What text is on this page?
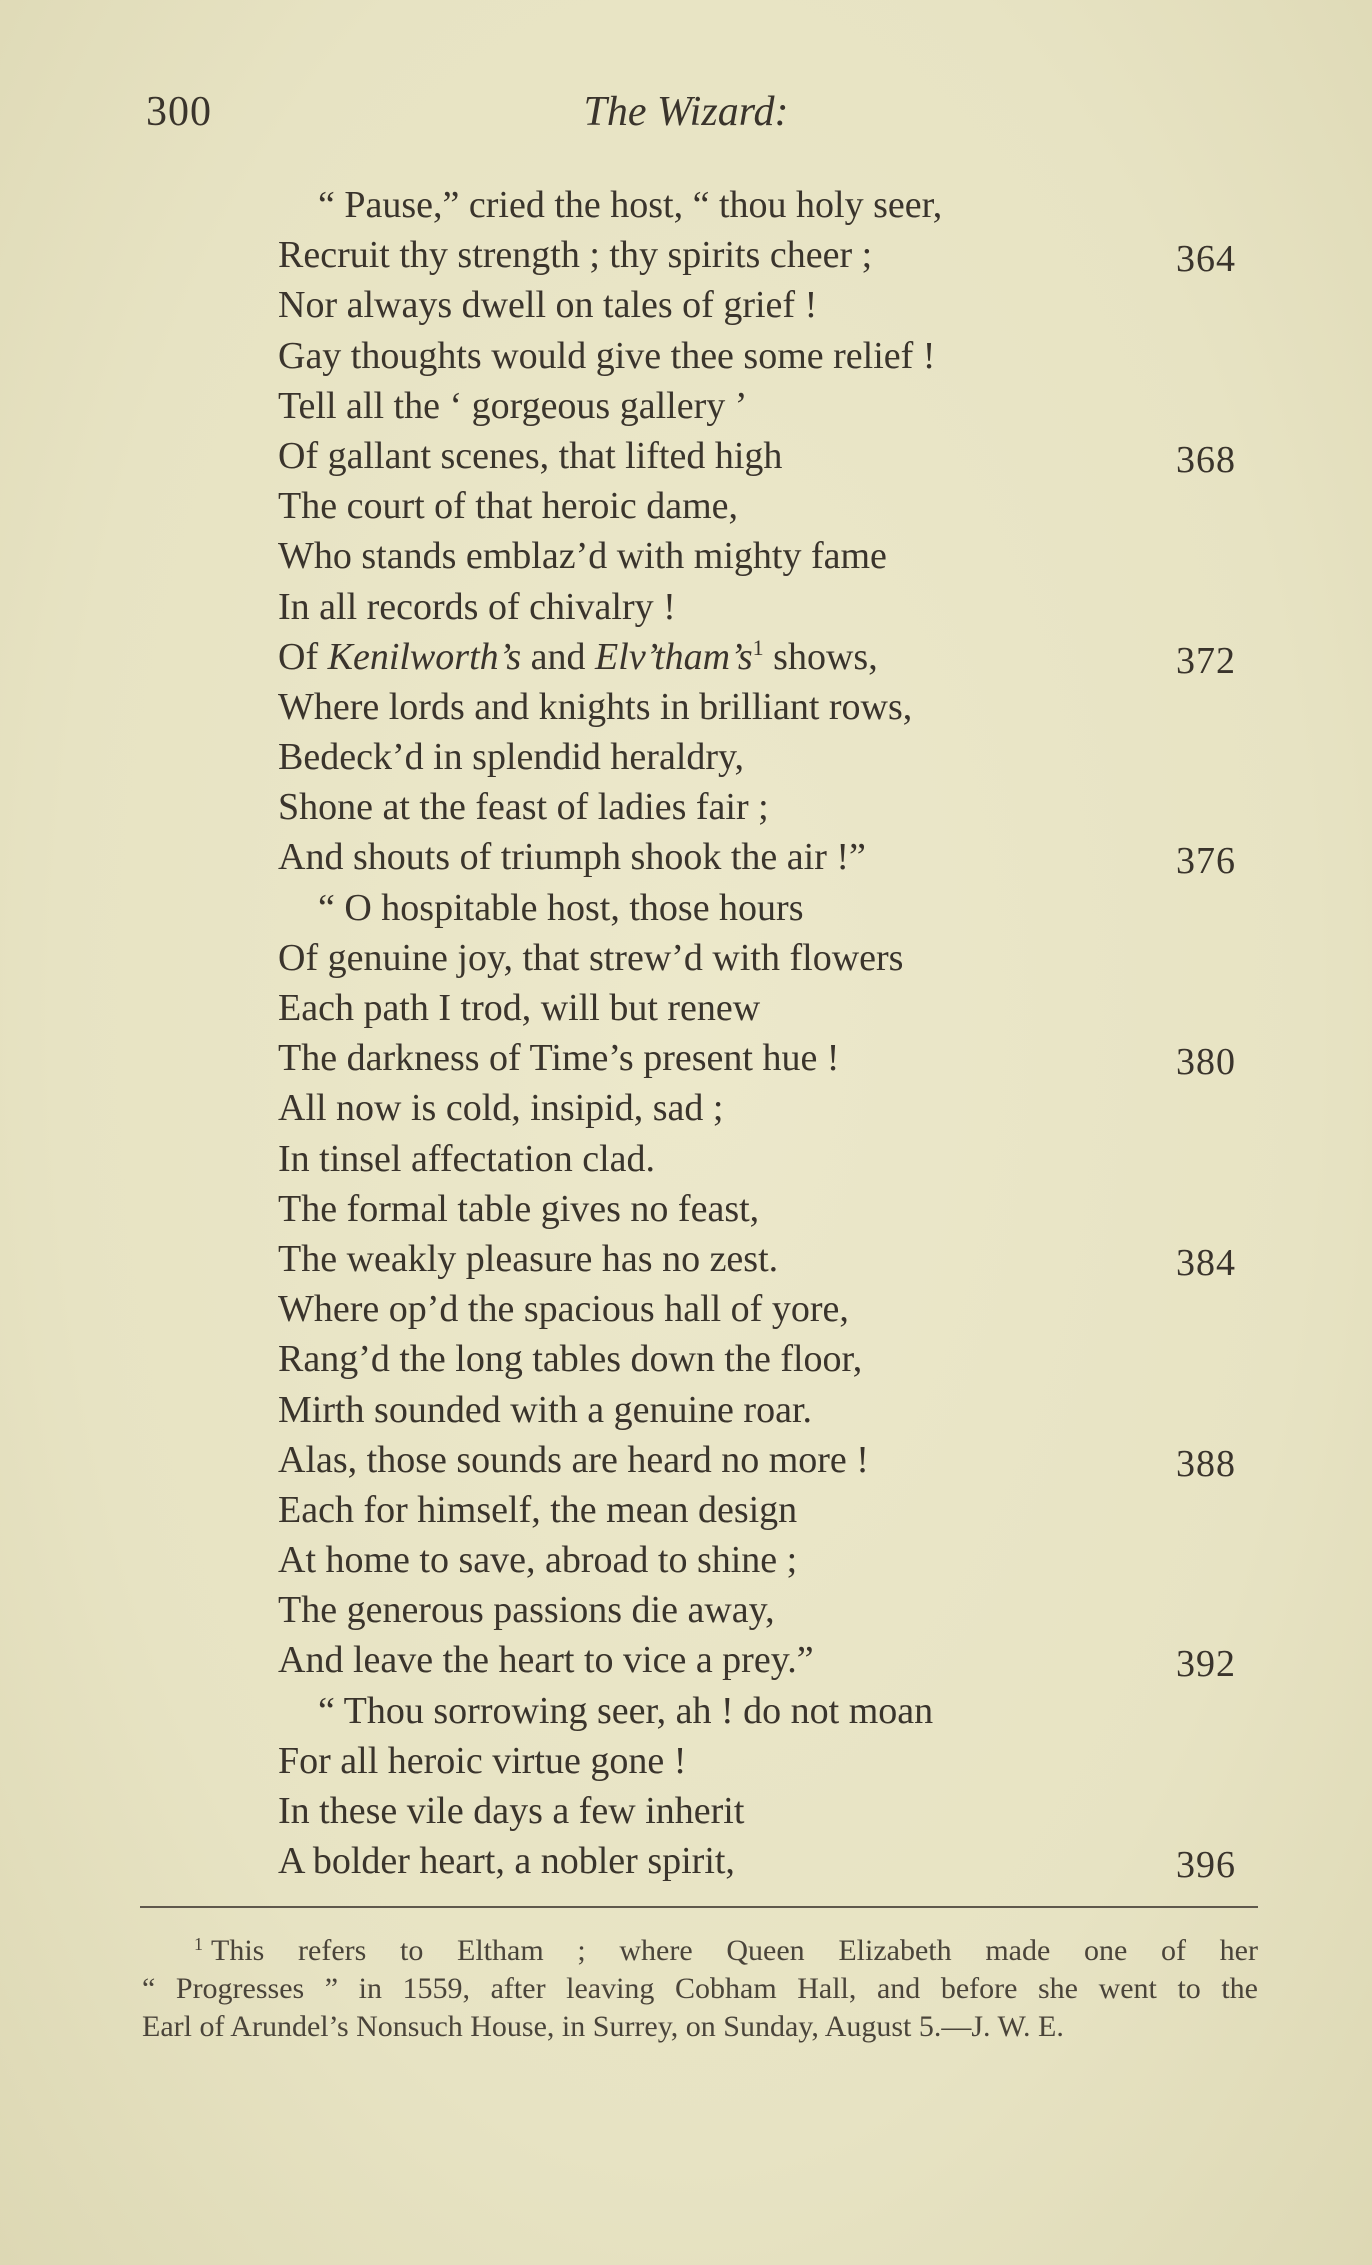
300	The Wizard:
“ Pause,” cried the host, “ thou holy seer,
Recruit thy strength ; thy spirits cheer ;	364
Nor always dwell on tales of grief !
Gay thoughts would give thee some relief !
Tell all the ‘ gorgeous gallery ’
Of gallant scenes, that lifted high	368
The court of that heroic dame,
Who stands emblaz’d with mighty fame
In all records of chivalry !
Of Kenilworth’s and $Elv’tham’s^1$ shows,	372
Where lords and knights in brilliant rows,
Bedeck’d in splendid heraldry,
Shone at the feast of ladies fair ;
And shouts of triumph shook the air !”	376
“ O hospitable host, those hours
Of genuine joy, that strew’d with flowers
Each path I trod, will but renew
The darkness of Time’s present hue !	380
All now is cold, insipid, sad ;
In tinsel affectation clad.
The formal table gives no feast,
The weakly pleasure has no zest.	384
Where op’d the spacious hall of yore,
Rang’d the long tables down the floor,
Mirth sounded with a genuine roar.
Alas, those sounds are heard no more !	388
Each for himself, the mean design
At home to save, abroad to shine ;
The generous passions die away,
And leave the heart to vice a prey.”	392
“ Thou sorrowing seer, ah ! do not moan
For all heroic virtue gone !
In these vile days a few inherit
A bolder heart, a nobler spirit,	396
$^1$ This refers to Eltham ; where Queen Elizabeth made one of her
“ Progresses ” in 1559, after leaving Cobham Hall, and before she went to the
Earl of Arundel’s Nonsuch House, in Surrey, on Sunday, August 5.—J. W. E.
